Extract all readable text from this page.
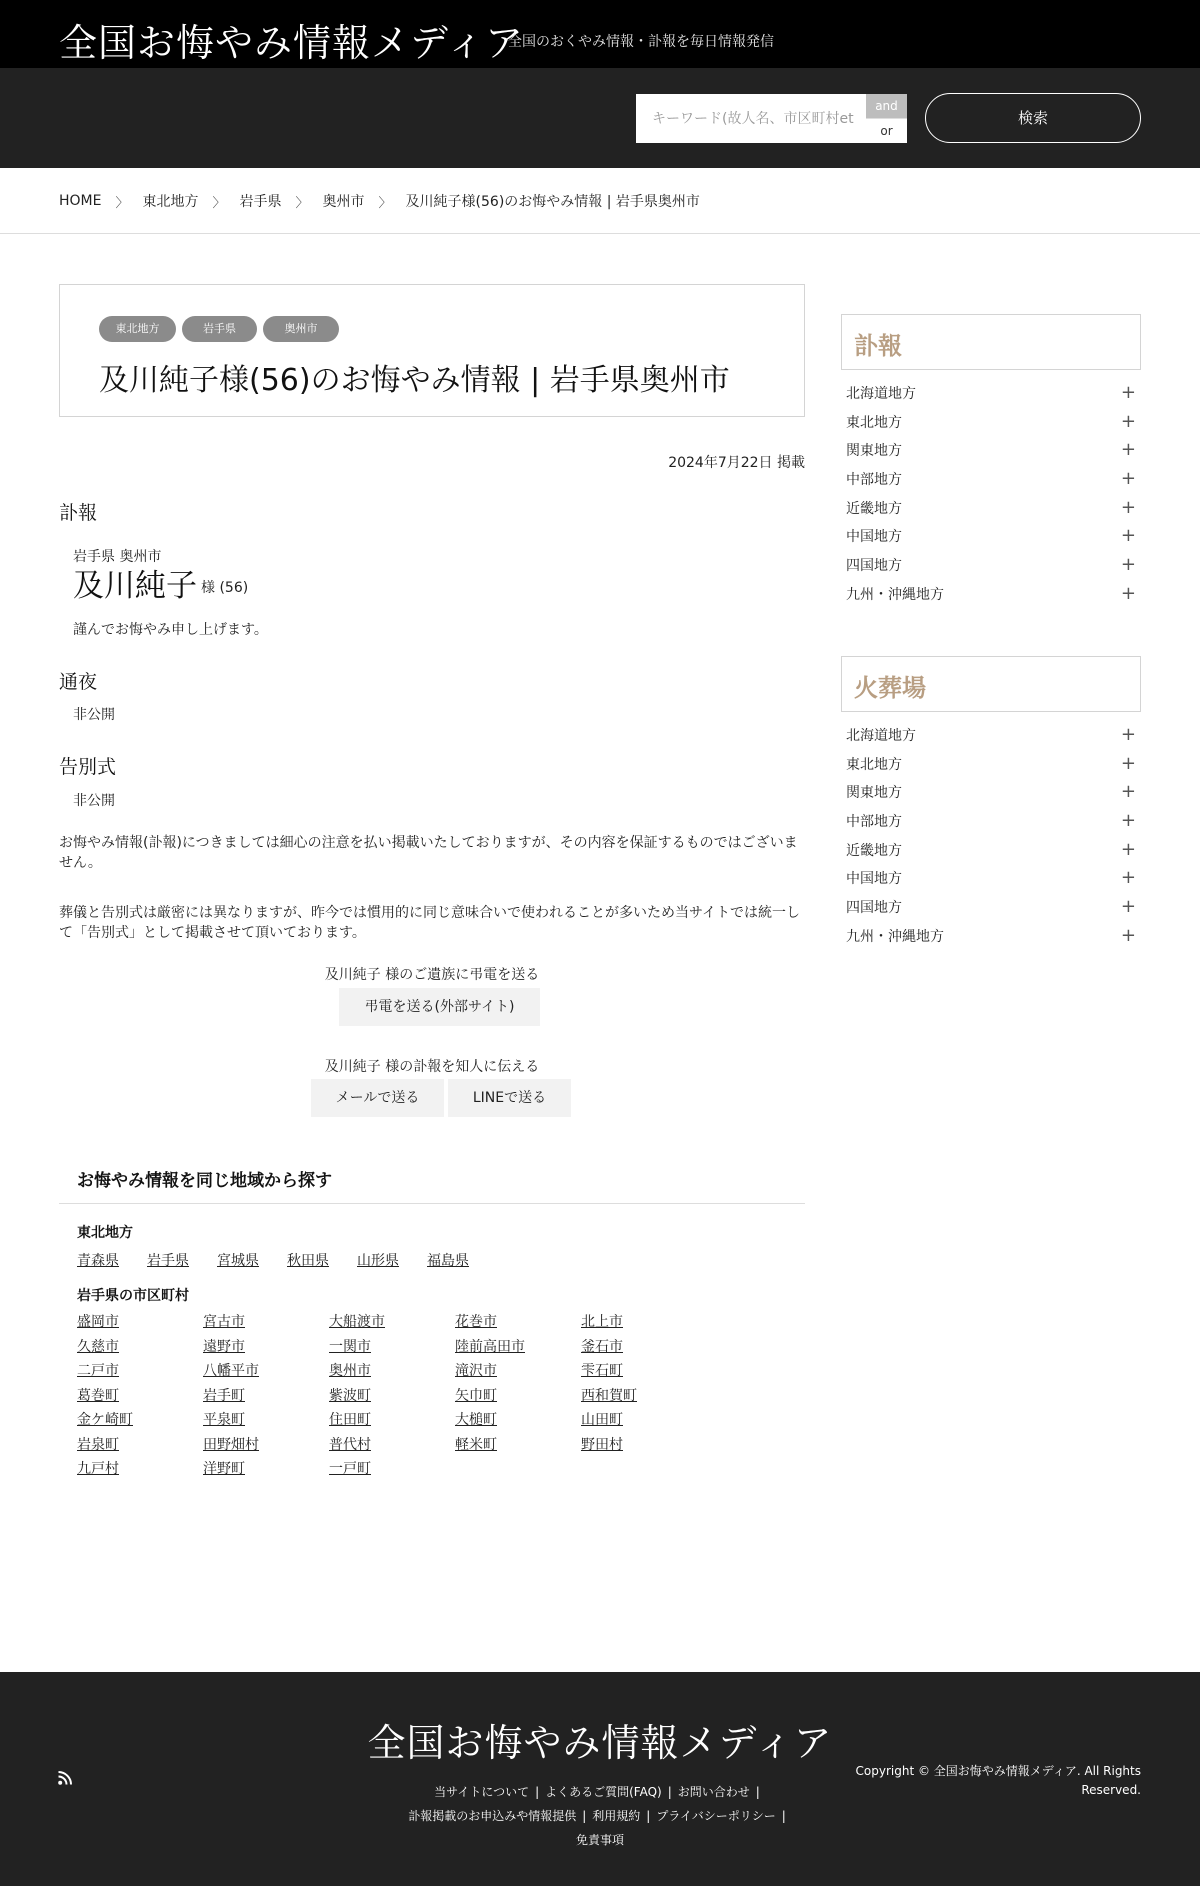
全国お悔やみ情報メディア
全国のおくやみ情報・訃報を毎日情報発信
キーワード(故人名、市区町村et
and
or
検索
HOME 〉 東北地方 〉 岩手県 〉 奥州市 〉 及川純子様(56)のお悔やみ情報 | 岩手県奥州市
東北地方	岩手県	奥州市
及川純子様(56)のお悔やみ情報 | 岩手県奥州市
2024年7月22日 掲載
訃報
岩手県 奥州市
及川純子 様 (56)
謹んでお悔やみ申し上げます。
通夜
非公開
告別式
非公開
お悔やみ情報(訃報)につきましては細心の注意を払い掲載いたしておりますが、その内容を保証するものではございません。
葬儀と告別式は厳密には異なりますが、昨今では慣用的に同じ意味合いで使われることが多いため当サイトでは統一して「告別式」として掲載させて頂いております。
及川純子 様のご遺族に弔電を送る
弔電を送る(外部サイト)
及川純子 様の訃報を知人に伝える
メールで送る	LINEで送る
お悔やみ情報を同じ地域から探す
東北地方
青森県 岩手県 宮城県 秋田県 山形県 福島県
岩手県の市区町村
盛岡市	宮古市	大船渡市	花巻市	北上市
久慈市	遠野市	一関市	陸前高田市	釜石市
二戸市	八幡平市	奥州市	滝沢市	雫石町
葛巻町	岩手町	紫波町	矢巾町	西和賀町
金ケ崎町	平泉町	住田町	大槌町	山田町
岩泉町	田野畑村	普代村	軽米町	野田村
九戸村	洋野町	一戸町
訃報
北海道地方	+
東北地方	+
関東地方	+
中部地方	+
近畿地方	+
中国地方	+
四国地方	+
九州・沖縄地方	+
火葬場
北海道地方	+
東北地方	+
関東地方	+
中部地方	+
近畿地方	+
中国地方	+
四国地方	+
九州・沖縄地方	+
全国お悔やみ情報メディア
当サイトについて | よくあるご質問(FAQ) | お問い合わせ |
訃報掲載のお申込みや情報提供 | 利用規約 | プライバシーポリシー |
免責事項
Copyright © 全国お悔やみ情報メディア. All Rights
Reserved.
